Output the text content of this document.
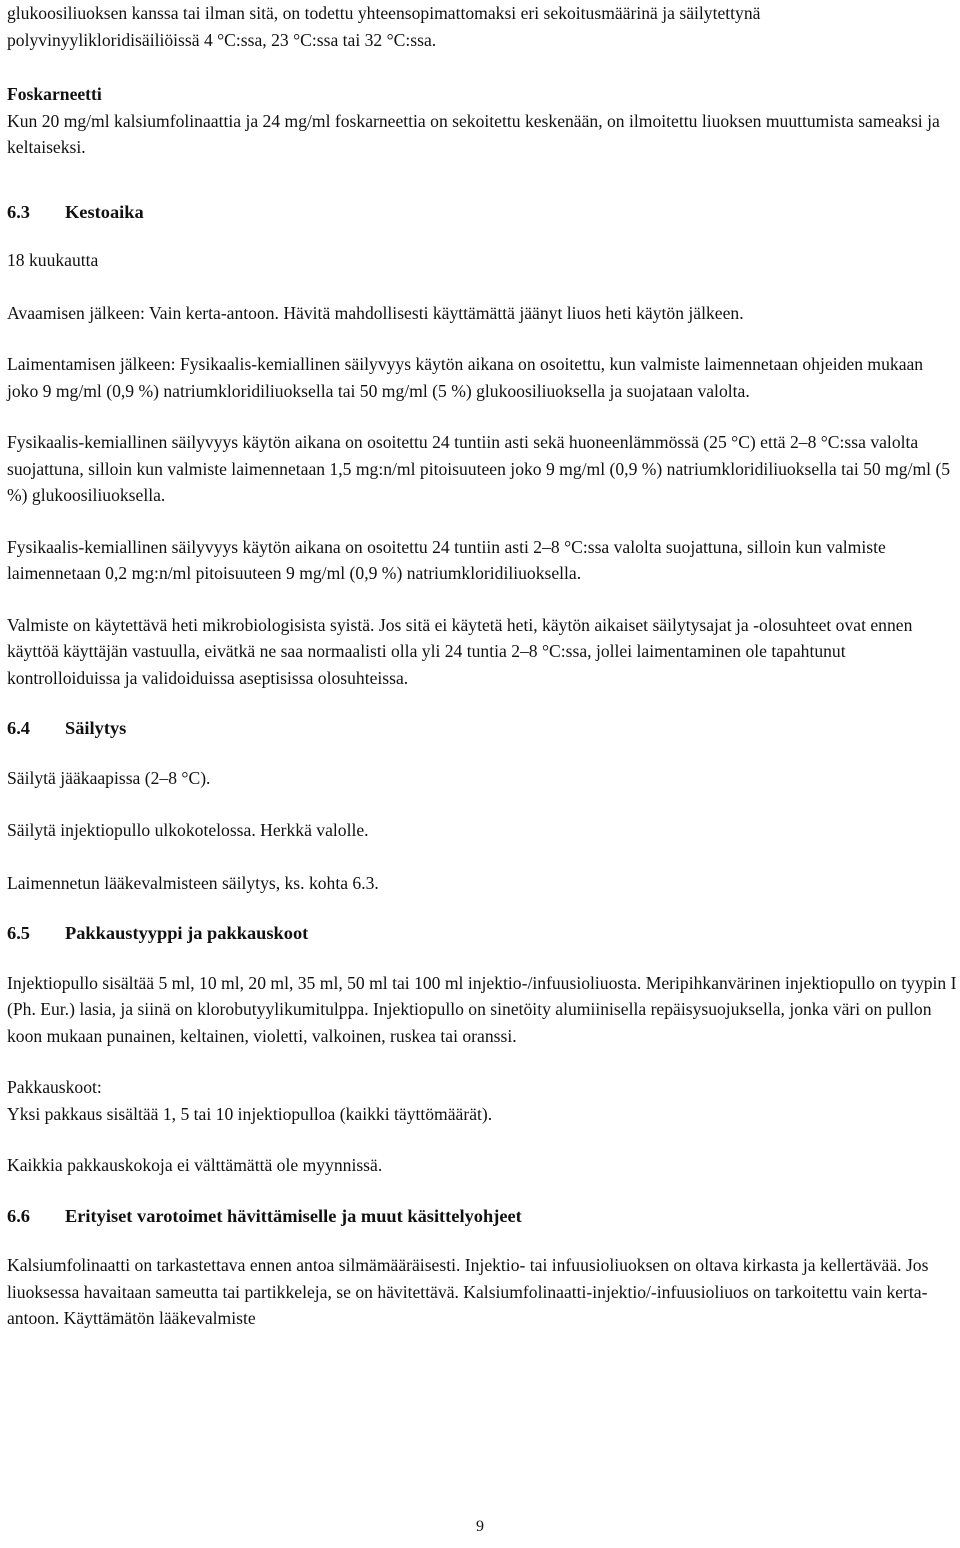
glukoosiliuoksen kanssa tai ilman sitä, on todettu yhteensopimattomaksi eri sekoitusmäärinä ja säilytettynä polyvinyylikloridisäiliöissä 4 °C:ssa, 23 °C:ssa tai 32 °C:ssa.

Foskarneetti

Kun 20 mg/ml kalsiumfolinaattia ja 24 mg/ml foskarneettia on sekoitettu keskenään, on ilmoitettu liuoksen muuttumista sameaksi ja keltaiseksi.

6.3	Kestoaika

18 kuukautta

Avaamisen jälkeen: Vain kerta-antoon. Hävitä mahdollisesti käyttämättä jäänyt liuos heti käytön jälkeen.

Laimentamisen jälkeen: Fysikaalis-kemiallinen säilyvyys käytön aikana on osoitettu, kun valmiste laimennetaan ohjeiden mukaan joko 9 mg/ml (0,9 %) natriumkloridiliuoksella tai 50 mg/ml (5 %) glukoosiliuoksella ja suojataan valolta.

Fysikaalis-kemiallinen säilyvyys käytön aikana on osoitettu 24 tuntiin asti sekä huoneenlämmössä (25 °C) että 2–8 °C:ssa valolta suojattuna, silloin kun valmiste laimennetaan 1,5 mg:n/ml pitoisuuteen joko 9 mg/ml (0,9 %) natriumkloridiliuoksella tai 50 mg/ml (5 %) glukoosiliuoksella.

Fysikaalis-kemiallinen säilyvyys käytön aikana on osoitettu 24 tuntiin asti 2–8 °C:ssa valolta suojattuna, silloin kun valmiste laimennetaan 0,2 mg:n/ml pitoisuuteen 9 mg/ml (0,9 %) natriumkloridiliuoksella.

Valmiste on käytettävä heti mikrobiologisista syistä. Jos sitä ei käytetä heti, käytön aikaiset säilytysajat ja -olosuhteet ovat ennen käyttöä käyttäjän vastuulla, eivätkä ne saa normaalisti olla yli 24 tuntia 2–8 °C:ssa, jollei laimentaminen ole tapahtunut kontrolloiduissa ja validoiduissa aseptisissa olosuhteissa.

6.4	Säilytys

Säilytä jääkaapissa (2–8 °C).

Säilytä injektiopullo ulkokotelossa. Herkkä valolle.

Laimennetun lääkevalmisteen säilytys, ks. kohta 6.3.

6.5	Pakkaustyyppi ja pakkauskoot

Injektiopullo sisältää 5 ml, 10 ml, 20 ml, 35 ml, 50 ml tai 100 ml injektio-/infuusioliuosta. Meripihkanvärinen injektiopullo on tyypin I (Ph. Eur.) lasia, ja siinä on klorobutyylikumitulppa. Injektiopullo on sinetöity alumiinisella repäisysuojuksella, jonka väri on pullon koon mukaan punainen, keltainen, violetti, valkoinen, ruskea tai oranssi.

Pakkauskoot:

Yksi pakkaus sisältää 1, 5 tai 10 injektiopulloa (kaikki täyttömäärät).

Kaikkia pakkauskokoja ei välttämättä ole myynnissä.

6.6	Erityiset varotoimet hävittämiselle ja muut käsittelyohjeet

Kalsiumfolinaatti on tarkastettava ennen antoa silmämääräisesti. Injektio- tai infuusioliuoksen on oltava kirkasta ja kellertävää. Jos liuoksessa havaitaan sameutta tai partikkeleja, se on hävitettävä. Kalsiumfolinaatti-injektio/-infuusioliuos on tarkoitettu vain kerta-antoon. Käyttämätön lääkevalmiste

9
